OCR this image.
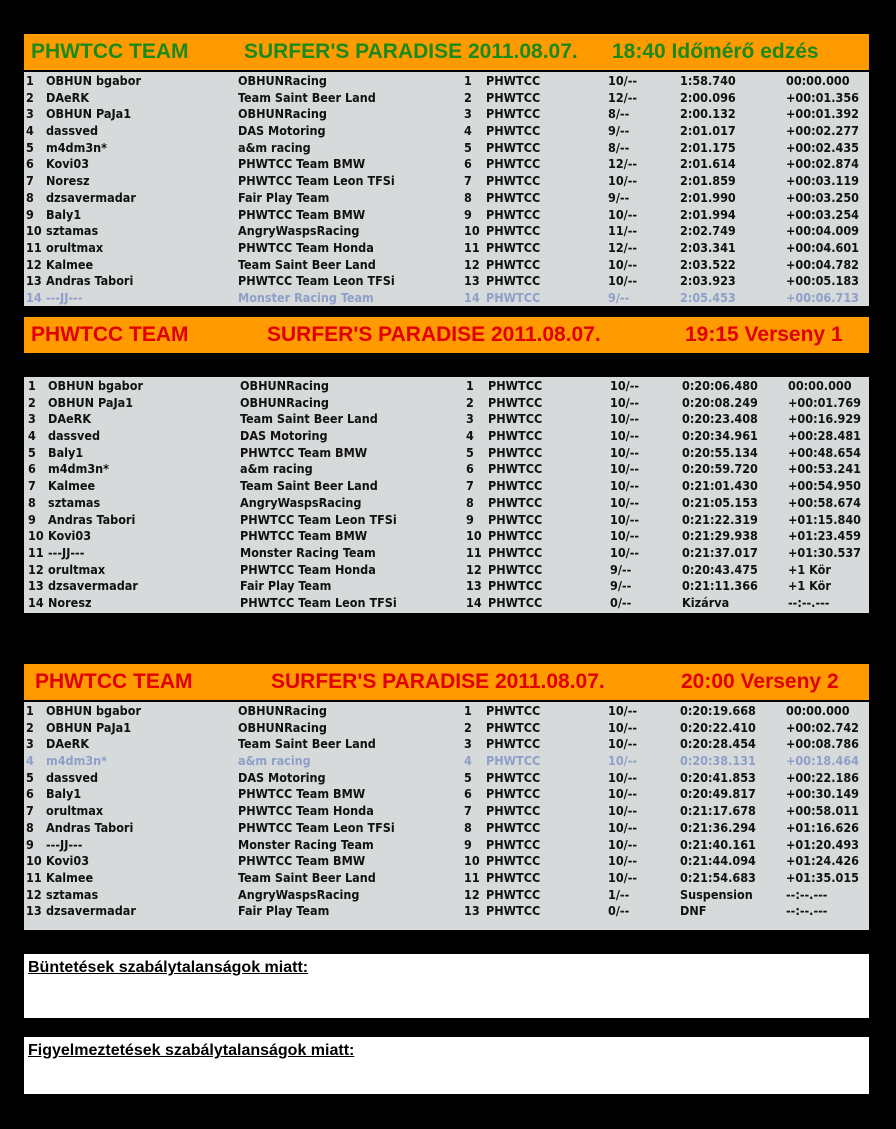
PHWTCC TEAM	SURFER'S PARADISE 2011.08.07. 18:40 Időmérő edzés
1 OBHUN bgabor	OBHUNRacing	1 PHWTCC	10/--	1:58.740	00:00.000
2 DAeRK	Team Saint Beer Land	2 PHWTCC	12/--	2:00.096	+00:01.356
3 OBHUN PaJa1	OBHUNRacing	3 PHWTCC	8/--	2:00.132	+00:01.392
4 dassved	DAS Motoring	4 PHWTCC	9/--	2:01.017	+00:02.277
5 m4dm3n*	a&m racing	5 PHWTCC	8/--	2:01.175	+00:02.435
6 Kovi03	PHWTCC Team BMW	6 PHWTCC	12/--	2:01.614	+00:02.874
7 Noresz	PHWTCC Team Leon TFSi	7 PHWTCC	10/--	2:01.859	+00:03.119
8 dzsavermadar	Fair Play Team	8 PHWTCC	9/--	2:01.990	+00:03.250
9 Baly1	PHWTCC Team BMW	9 PHWTCC	10/--	2:01.994	+00:03.254
10 sztamas	AngryWaspsRacing	10 PHWTCC	11/--	2:02.749	+00:04.009
11 orultmax	PHWTCC Team Honda	11 PHWTCC	12/--	2:03.341	+00:04.601
12 Kalmee	Team Saint Beer Land	12 PHWTCC	10/--	2:03.522	+00:04.782
13 Andras Tabori	PHWTCC Team Leon TFSi	13 PHWTCC	10/--	2:03.923	+00:05.183
14 ---JJ---	Monster Racing Team	14 PHWTCC	9/--	2:05.453	+00:06.713
PHWTCC TEAM	SURFER'S PARADISE 2011.08.07.	19:15 Verseny 1
1 OBHUN bgabor	OBHUNRacing	1 PHWTCC	10/--	0:20:06.480 00:00.000
2 OBHUN PaJa1	OBHUNRacing	2 PHWTCC	10/--	0:20:08.249 +00:01.769
3 DAeRK	Team Saint Beer Land	3 PHWTCC	10/--	0:20:23.408 +00:16.929
4 dassved	DAS Motoring	4 PHWTCC	10/--	0:20:34.961 +00:28.481
5 Baly1	PHWTCC Team BMW	5 PHWTCC	10/--	0:20:55.134 +00:48.654
6 m4dm3n*	a&m racing	6 PHWTCC	10/--	0:20:59.720 +00:53.241
7 Kalmee	Team Saint Beer Land	7 PHWTCC	10/--	0:21:01.430 +00:54.950
8 sztamas	AngryWaspsRacing	8 PHWTCC	10/--	0:21:05.153 +00:58.674
9 Andras Tabori	PHWTCC Team Leon TFSi	9 PHWTCC	10/--	0:21:22.319 +01:15.840
10 Kovi03	PHWTCC Team BMW	10 PHWTCC	10/--	0:21:29.938 +01:23.459
11 ---JJ---	Monster Racing Team	11 PHWTCC	10/--	0:21:37.017 +01:30.537
12 orultmax	PHWTCC Team Honda	12 PHWTCC	9/--	0:20:43.475 +1 Kör
13 dzsavermadar	Fair Play Team	13 PHWTCC	9/--	0:21:11.366 +1 Kör
14 Noresz	PHWTCC Team Leon TFSi	14 PHWTCC	0/--	Kizárva	--:--.---
PHWTCC TEAM	SURFER'S PARADISE 2011.08.07.	20:00 Verseny 2
1 OBHUN bgabor	OBHUNRacing	1 PHWTCC	10/--	0:20:19.668 00:00.000
2 OBHUN PaJa1	OBHUNRacing	2 PHWTCC	10/--	0:20:22.410 +00:02.742
3 DAeRK	Team Saint Beer Land	3 PHWTCC	10/--	0:20:28.454 +00:08.786
4 m4dm3n*	a&m racing	4 PHWTCC	10/--	0:20:38.131 +00:18.464
5 dassved	DAS Motoring	5 PHWTCC	10/--	0:20:41.853 +00:22.186
6 Baly1	PHWTCC Team BMW	6 PHWTCC	10/--	0:20:49.817 +00:30.149
7 orultmax	PHWTCC Team Honda	7 PHWTCC	10/--	0:21:17.678 +00:58.011
8 Andras Tabori	PHWTCC Team Leon TFSi	8 PHWTCC	10/--	0:21:36.294 +01:16.626
9 ---JJ---	Monster Racing Team	9 PHWTCC	10/--	0:21:40.161 +01:20.493
10 Kovi03	PHWTCC Team BMW	10 PHWTCC	10/--	0:21:44.094 +01:24.426
11 Kalmee	Team Saint Beer Land	11 PHWTCC	10/--	0:21:54.683 +01:35.015
12 sztamas	AngryWaspsRacing	12 PHWTCC	1/--	Suspension	--:--.---
13 dzsavermadar	Fair Play Team	13 PHWTCC	0/--	DNF	--:--.---
Büntetések szabálytalanságok miatt:
Figyelmeztetések szabálytalanságok miatt:
